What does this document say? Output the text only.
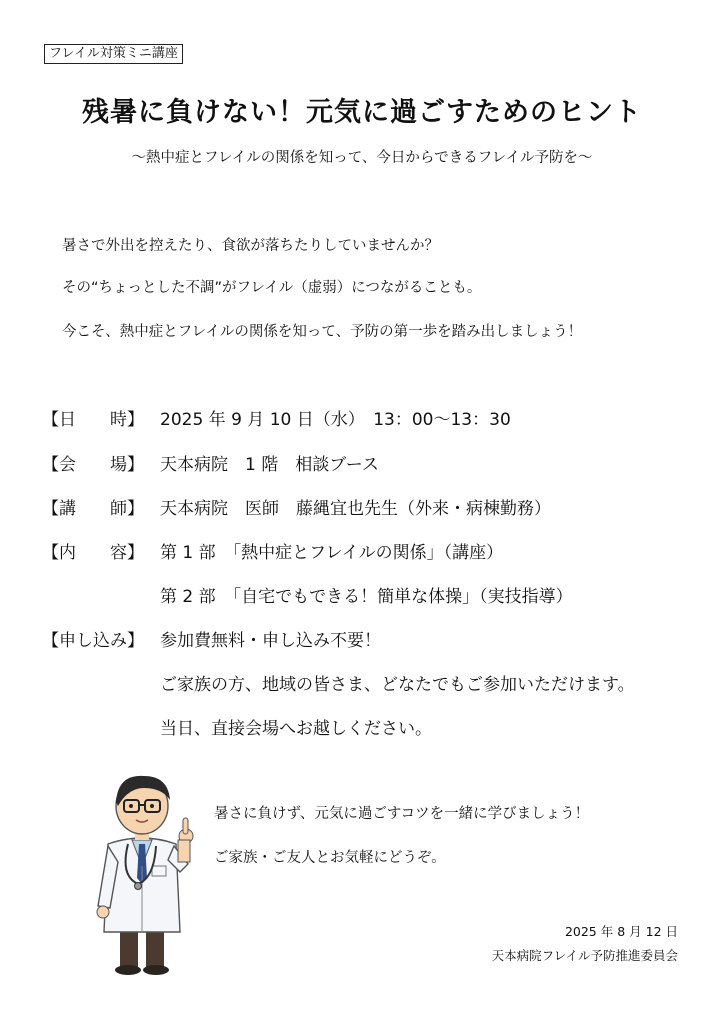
フレイル対策ミニ講座
残暑に負けない！元気に過ごすためのヒント
～熱中症とフレイルの関係を知って、今日からできるフレイル予防を～
暑さで外出を控えたり、食欲が落ちたりしていませんか？
その“ちょっとした不調”がフレイル（虚弱）につながることも。
今こそ、熱中症とフレイルの関係を知って、予防の第一歩を踏み出しましょう！
【日　　時】 2025 年 9 月 10 日（水）　13：00～13：30
【会　　場】 天本病院　1 階　相談ブース
【講　　師】 天本病院　医師　藤縄宜也先生（外来・病棟勤務）
【内　　容】 第 1 部　「熱中症とフレイルの関係」（講座）
第 2 部　「自宅でもできる！簡単な体操」（実技指導）
【申し込み】 参加費無料・申し込み不要！
ご家族の方、地域の皆さま、どなたでもご参加いただけます。
当日、直接会場へお越しください。
暑さに負けず、元気に過ごすコツを一緒に学びましょう！
ご家族・ご友人とお気軽にどうぞ。
2025 年 8 月 12 日
天本病院フレイル予防推進委員会
